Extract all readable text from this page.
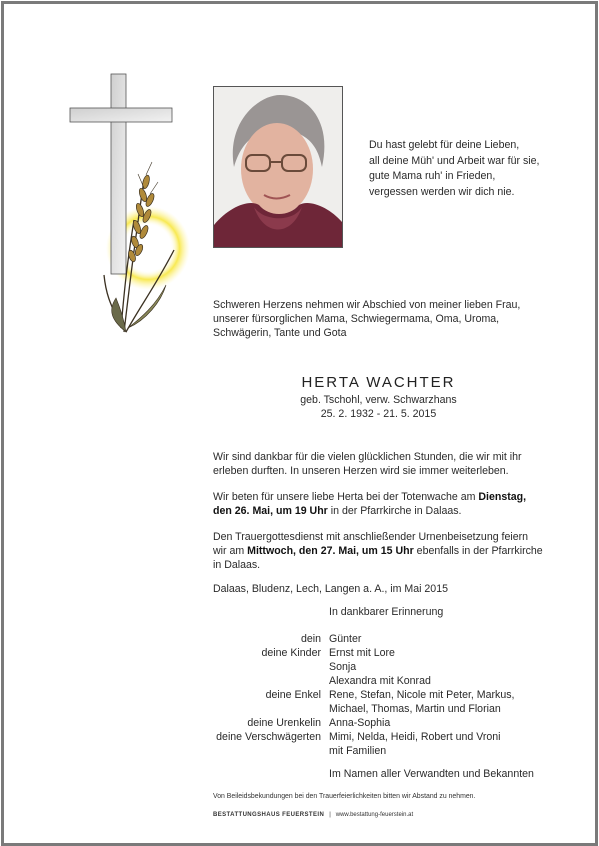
Du hast gelebt für deine Lieben,
all deine Müh' und Arbeit war für sie,
gute Mama ruh' in Frieden,
vergessen werden wir dich nie.
Schweren Herzens nehmen wir Abschied von meiner lieben Frau, unserer fürsorglichen Mama, Schwiegermama, Oma, Uroma, Schwägerin, Tante und Gota
HERTA WACHTER
geb. Tschohl, verw. Schwarzhans
25. 2. 1932 - 21. 5. 2015
Wir sind dankbar für die vielen glücklichen Stunden, die wir mit ihr erleben durften. In unseren Herzen wird sie immer weiterleben.
Wir beten für unsere liebe Herta bei der Totenwache am Dienstag, den 26. Mai, um 19 Uhr in der Pfarrkirche in Dalaas.
Den Trauergottesdienst mit anschließender Urnenbeisetzung feiern wir am Mittwoch, den 27. Mai, um 15 Uhr ebenfalls in der Pfarrkirche in Dalaas.
Dalaas, Bludenz, Lech, Langen a. A., im Mai 2015
In dankbarer Erinnerung
dein Günter
deine Kinder Ernst mit Lore
Sonja
Alexandra mit Konrad
deine Enkel Rene, Stefan, Nicole mit Peter, Markus,
Michael, Thomas, Martin und Florian
deine Urenkelin Anna-Sophia
deine Verschwägerten Mimi, Nelda, Heidi, Robert und Vroni
mit Familien
Im Namen aller Verwandten und Bekannten
Von Beileidsbekundungen bei den Trauerfeierlichkeiten bitten wir Abstand zu nehmen.
BESTATTUNGSHAUS FEUERSTEIN | www.bestattung-feuerstein.at
